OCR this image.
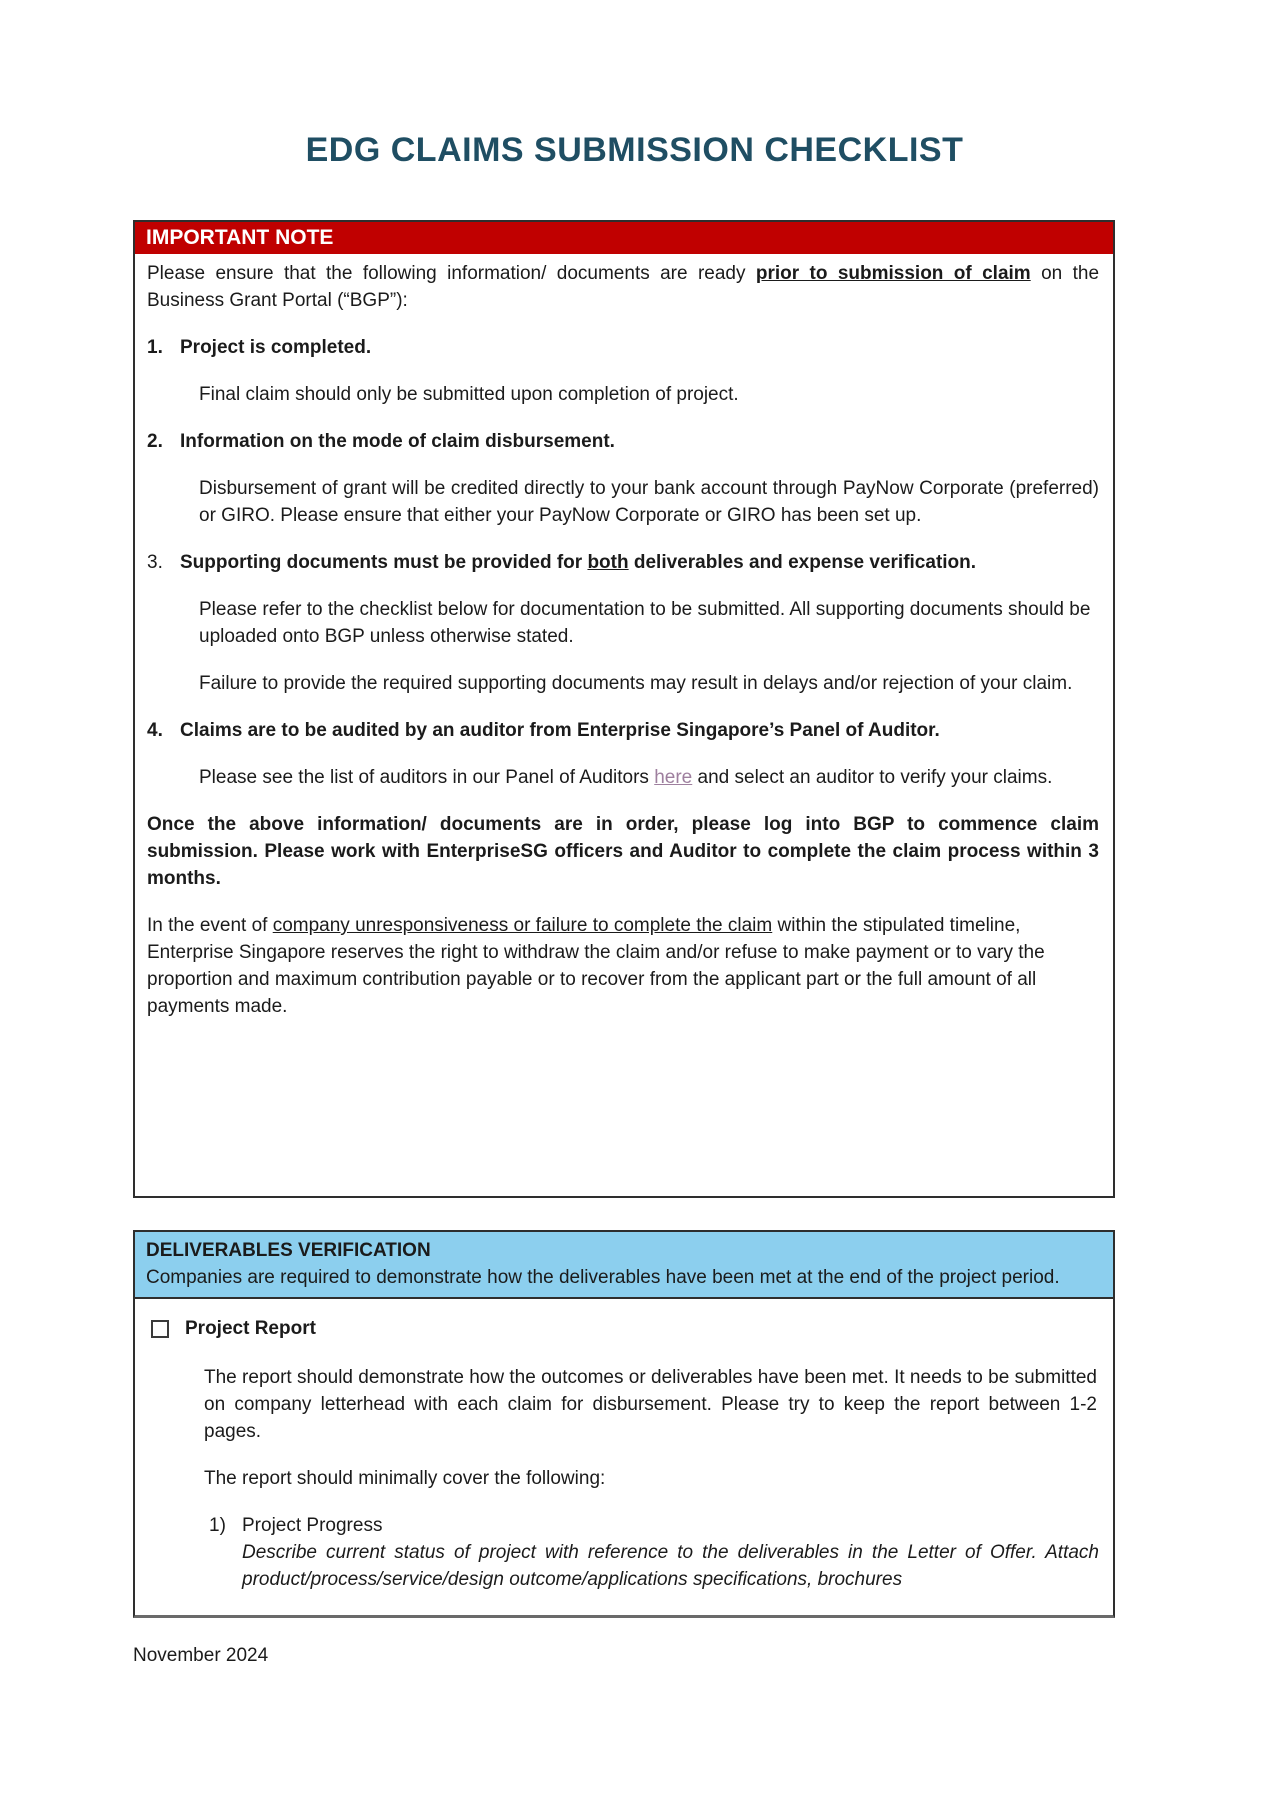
EDG CLAIMS SUBMISSION CHECKLIST
IMPORTANT NOTE

Please ensure that the following information/ documents are ready prior to submission of claim on the Business Grant Portal (“BGP”):

1. Project is completed.

Final claim should only be submitted upon completion of project.

2. Information on the mode of claim disbursement.

Disbursement of grant will be credited directly to your bank account through PayNow Corporate (preferred) or GIRO. Please ensure that either your PayNow Corporate or GIRO has been set up.

3. Supporting documents must be provided for both deliverables and expense verification.

Please refer to the checklist below for documentation to be submitted. All supporting documents should be uploaded onto BGP unless otherwise stated.

Failure to provide the required supporting documents may result in delays and/or rejection of your claim.

4. Claims are to be audited by an auditor from Enterprise Singapore’s Panel of Auditor.

Please see the list of auditors in our Panel of Auditors here and select an auditor to verify your claims.

Once the above information/ documents are in order, please log into BGP to commence claim submission. Please work with EnterpriseSG officers and Auditor to complete the claim process within 3 months.

In the event of company unresponsiveness or failure to complete the claim within the stipulated timeline, Enterprise Singapore reserves the right to withdraw the claim and/or refuse to make payment or to vary the proportion and maximum contribution payable or to recover from the applicant part or the full amount of all payments made.

DELIVERABLES VERIFICATION
Companies are required to demonstrate how the deliverables have been met at the end of the project period.
Project Report

The report should demonstrate how the outcomes or deliverables have been met. It needs to be submitted on company letterhead with each claim for disbursement. Please try to keep the report between 1-2 pages.

The report should minimally cover the following:

1) Project Progress

Describe current status of project with reference to the deliverables in the Letter of Offer. Attach product/process/service/design outcome/applications specifications, brochures

November 2024
